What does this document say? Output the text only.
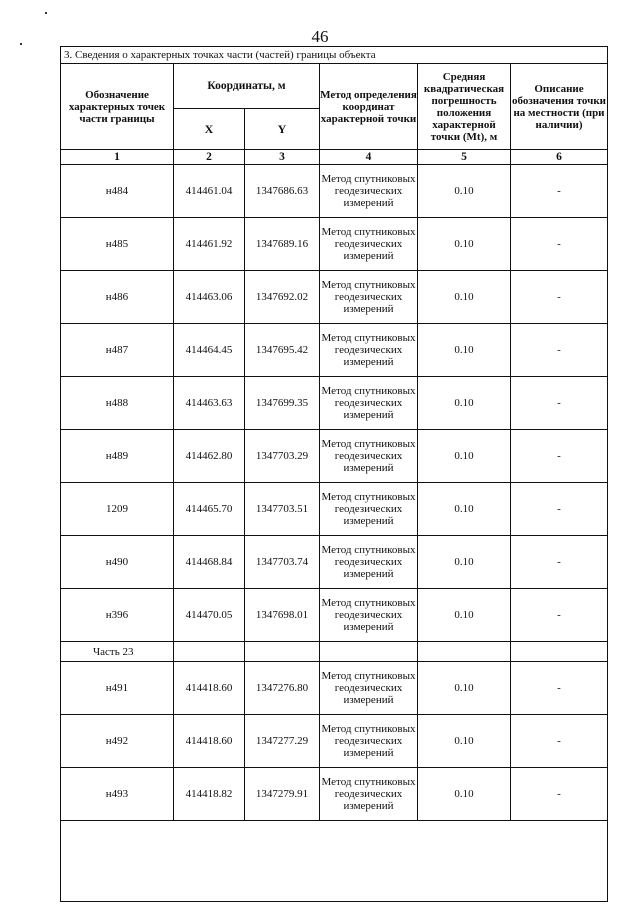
46
3. Сведения о характерных точках части (частей) границы объекта					
Обозначение характерных точек части границы	Координаты, м		Метод определения координат характерной точки	Средняя квадратическая погрешность положения характерной точки (Mt), м	Описание обозначения точки на местности (при наличии)
	X	Y			
1	2	3	4	5	6
н484	414461.04	1347686.63	Метод спутниковых геодезических измерений	0.10	-
н485	414461.92	1347689.16	Метод спутниковых геодезических измерений	0.10	-
н486	414463.06	1347692.02	Метод спутниковых геодезических измерений	0.10	-
н487	414464.45	1347695.42	Метод спутниковых геодезических измерений	0.10	-
н488	414463.63	1347699.35	Метод спутниковых геодезических измерений	0.10	-
н489	414462.80	1347703.29	Метод спутниковых геодезических измерений	0.10	-
1209	414465.70	1347703.51	Метод спутниковых геодезических измерений	0.10	-
н490	414468.84	1347703.74	Метод спутниковых геодезических измерений	0.10	-
н396	414470.05	1347698.01	Метод спутниковых геодезических измерений	0.10	-
Часть 23					
н491	414418.60	1347276.80	Метод спутниковых геодезических измерений	0.10	-
н492	414418.60	1347277.29	Метод спутниковых геодезических измерений	0.10	-
н493	414418.82	1347279.91	Метод спутниковых геодезических измерений	0.10	-
